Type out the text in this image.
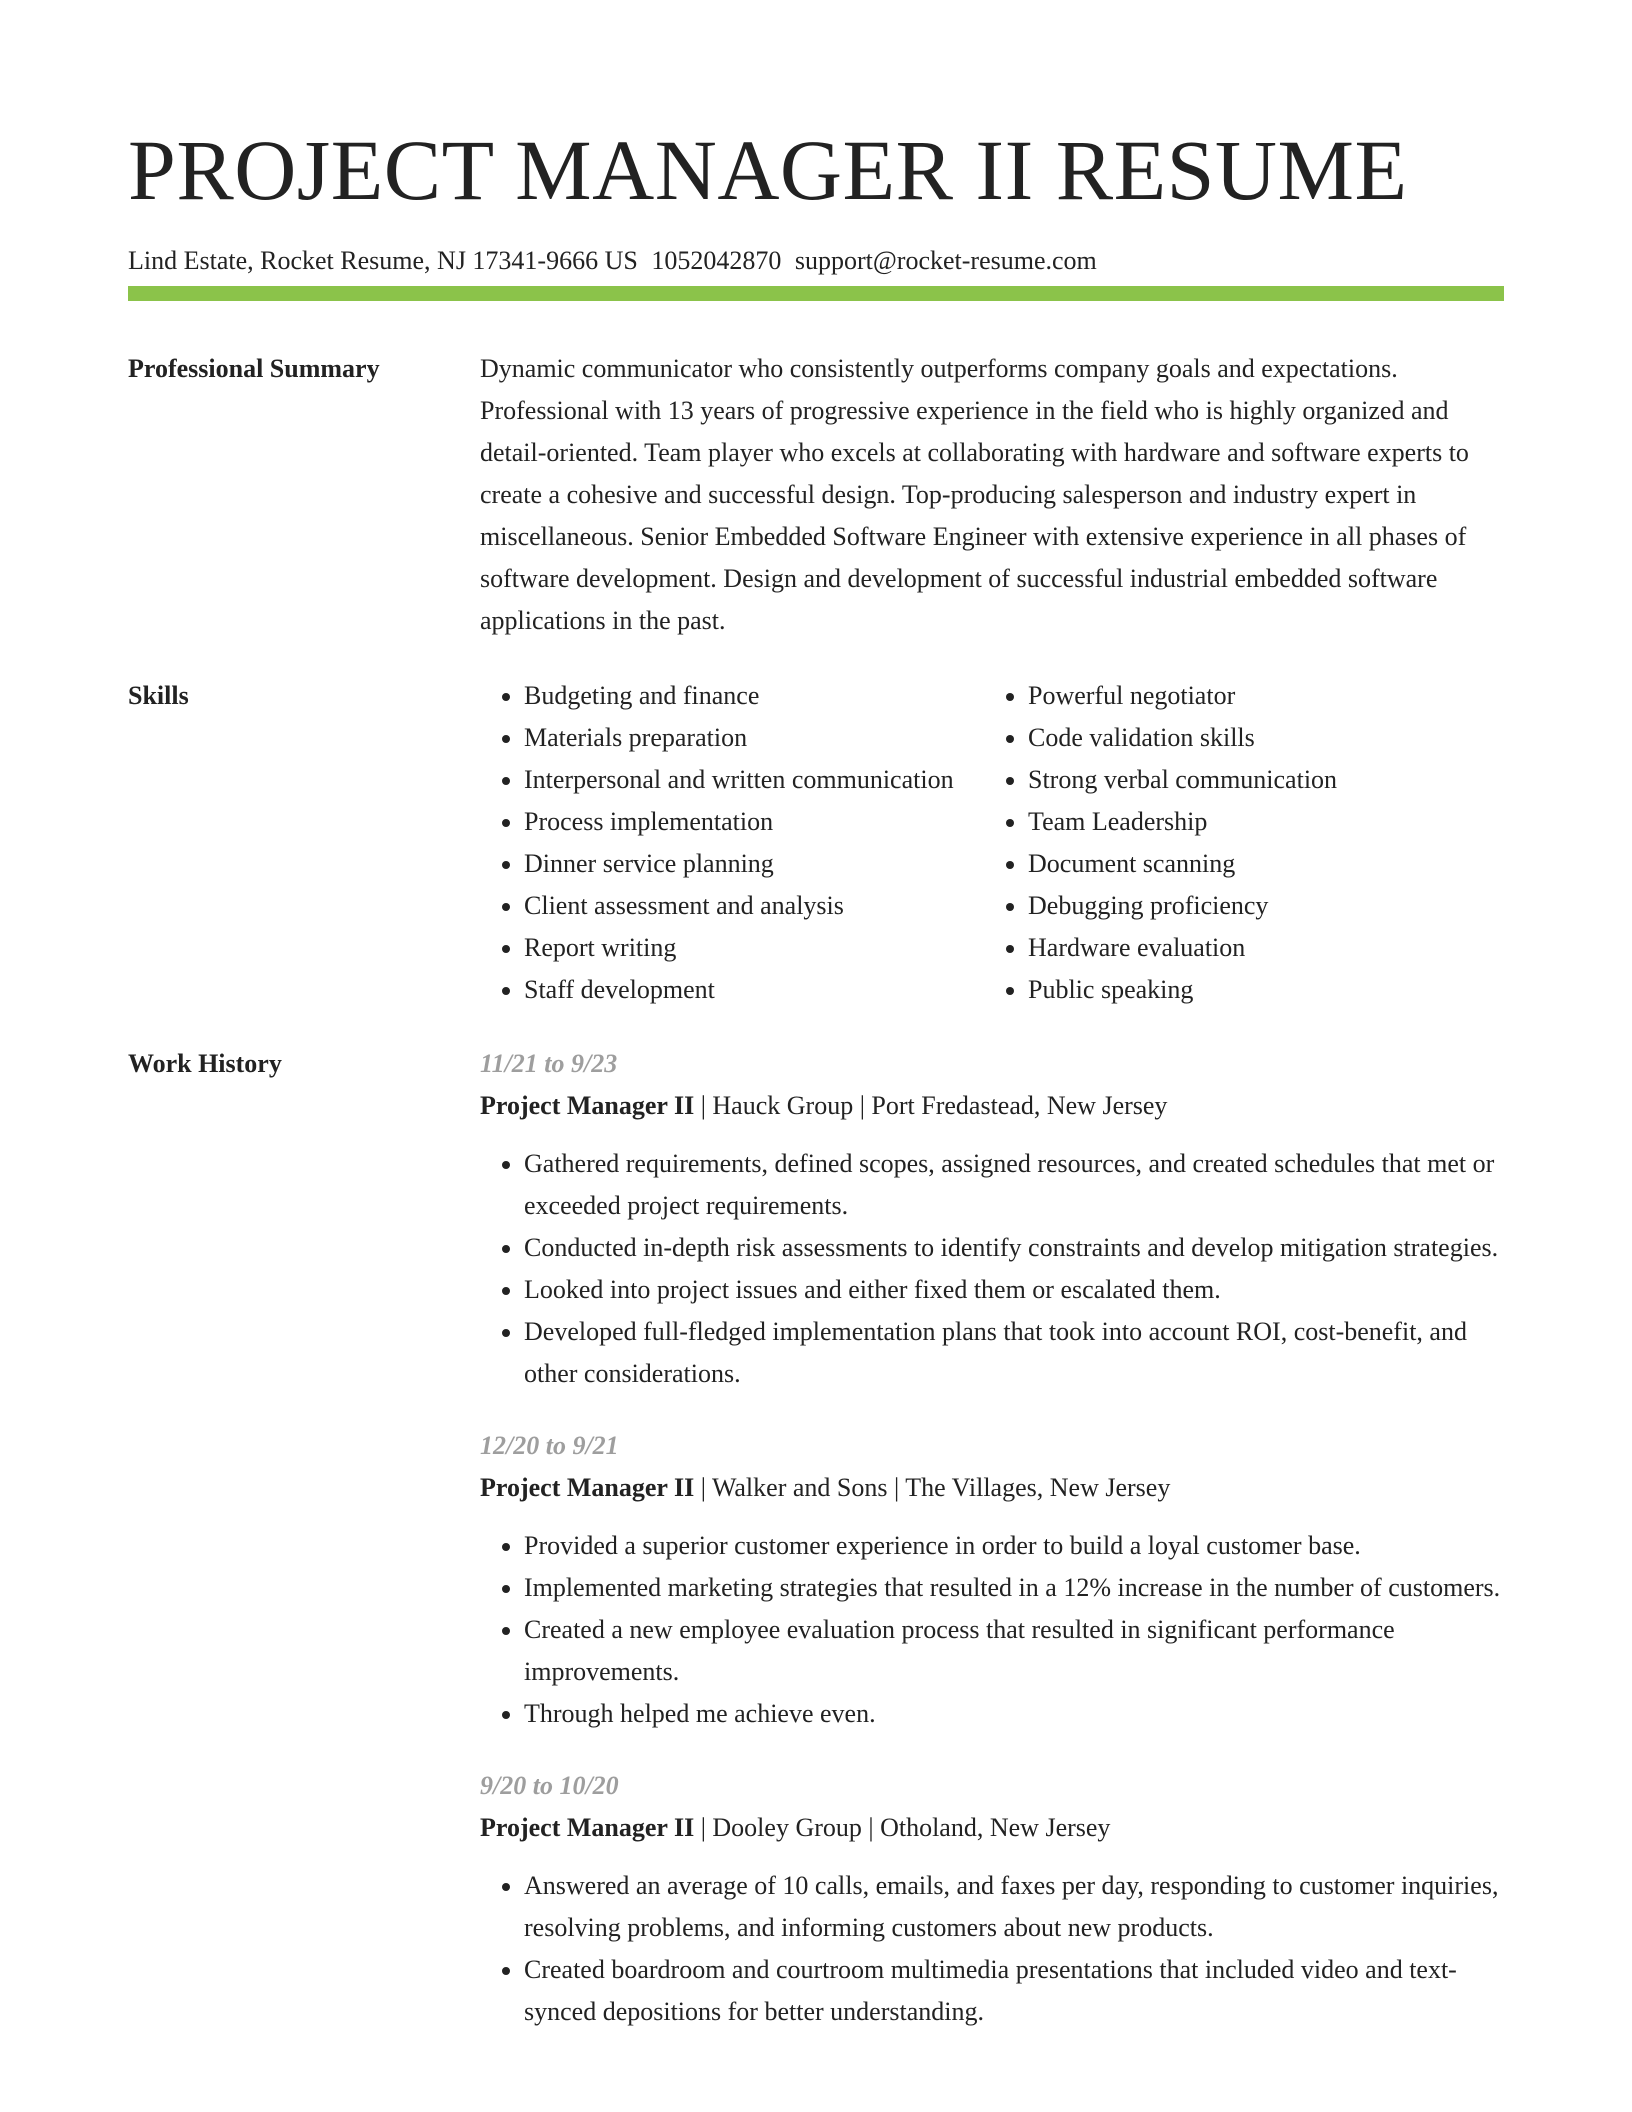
PROJECT MANAGER II RESUME
Lind Estate, Rocket Resume, NJ 17341-9666 US 1052042870 support@rocket-resume.com
Professional Summary	Dynamic communicator who consistently outperforms company goals and expectations. Professional with 13 years of progressive experience in the field who is highly organized and detail-oriented. Team player who excels at collaborating with hardware and software experts to create a cohesive and successful design. Top-producing salesperson and industry expert in miscellaneous. Senior Embedded Software Engineer with extensive experience in all phases of software development. Design and development of successful industrial embedded software applications in the past.

Skills
•	Budgeting and finance
• Materials preparation
• Interpersonal and written communication
• Process implementation
• Dinner service planning
• Client assessment and analysis
• Report writing
• Staff development
• Powerful negotiator
• Code validation skills
• Strong verbal communication
• Team Leadership
• Document scanning
• Debugging proficiency
• Hardware evaluation
• Public speaking
Work History	11/21 to 9/23
Project Manager II | Hauck Group | Port Fredastead, New Jersey
• Gathered requirements, defined scopes, assigned resources, and created schedules that met or exceeded project requirements.
• Conducted in-depth risk assessments to identify constraints and develop mitigation strategies.
• Looked into project issues and either fixed them or escalated them.
• Developed full-fledged implementation plans that took into account ROI, cost-benefit, and other considerations.
12/20 to 9/21
Project Manager II | Walker and Sons | The Villages, New Jersey
• Provided a superior customer experience in order to build a loyal customer base.
• Implemented marketing strategies that resulted in a 12% increase in the number of customers.
• Created a new employee evaluation process that resulted in significant performance improvements.
• Through helped me achieve even.
9/20 to 10/20
Project Manager II | Dooley Group | Otholand, New Jersey
• Answered an average of 10 calls, emails, and faxes per day, responding to customer inquiries, resolving problems, and informing customers about new products.
• Created boardroom and courtroom multimedia presentations that included video and text-synced depositions for better understanding.
